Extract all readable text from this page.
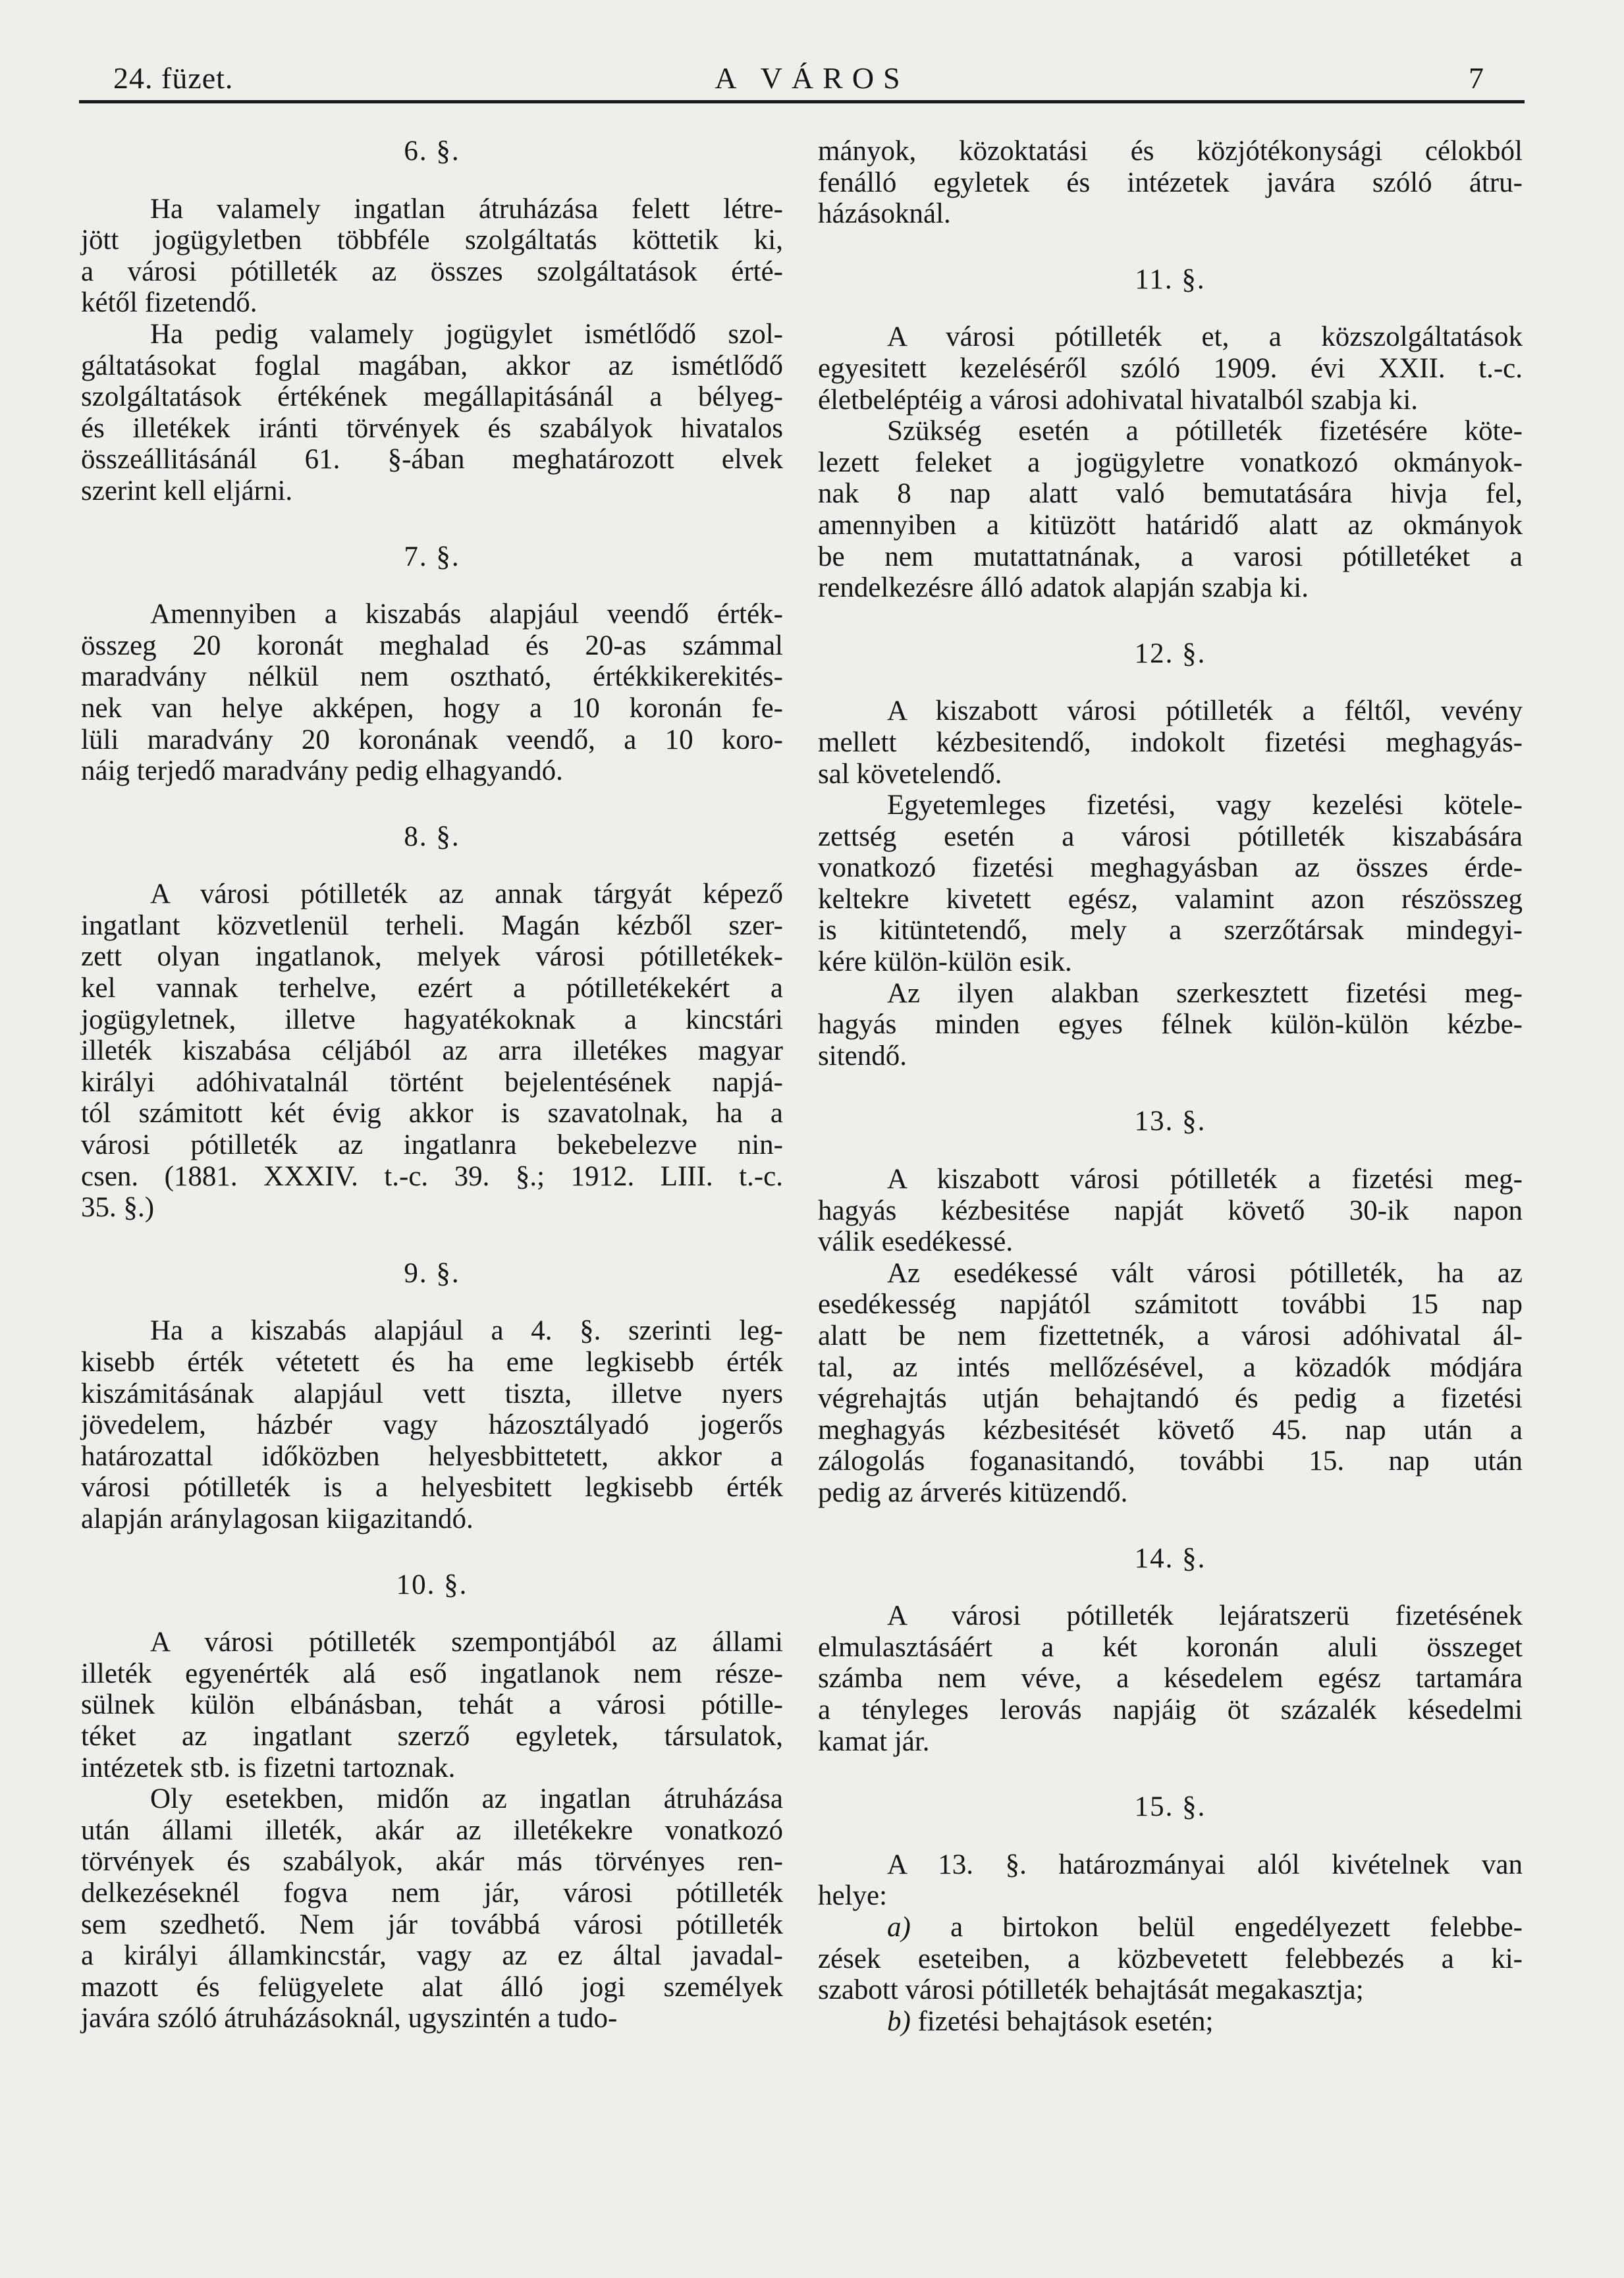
24. füzet.	A VÁROS	7
6. §.
Ha valamely ingatlan átruházása felett létre-
jött jogügyletben többféle szolgáltatás köttetik ki,
a városi pótilleték az összes szolgáltatások érté-
kétől fizetendő.
Ha pedig valamely jogügylet ismétlődő szol-
gáltatásokat foglal magában, akkor az ismétlődő
szolgáltatások értékének megállapitásánál a bélyeg-
és illetékek iránti törvények és szabályok hivatalos
összeállitásánál 61. §-ában meghatározott elvek
szerint kell eljárni.
7. §.
Amennyiben a kiszabás alapjául veendő érték-
összeg 20 koronát meghalad és 20-as számmal
maradvány nélkül nem osztható, értékkikerekités-
nek van helye akképen, hogy a 10 koronán fe-
lüli maradvány 20 koronának veendő, a 10 koro-
náig terjedő maradvány pedig elhagyandó.
8. §.
A városi pótilleték az annak tárgyát képező
ingatlant közvetlenül terheli. Magán kézből szer-
zett olyan ingatlanok, melyek városi pótilletékek-
kel vannak terhelve, ezért a pótilletékekért a
jogügyletnek, illetve hagyatékoknak a kincstári
illeték kiszabása céljából az arra illetékes magyar
királyi adóhivatalnál történt bejelentésének napjá-
tól számitott két évig akkor is szavatolnak, ha a
városi pótilleték az ingatlanra bekebelezve nin-
csen. (1881. XXXIV. t.-c. 39. §.; 1912. LIII. t.-c.
35. §.)
9. §.
Ha a kiszabás alapjául a 4. §. szerinti leg-
kisebb érték vétetett és ha eme legkisebb érték
kiszámitásának alapjául vett tiszta, illetve nyers
jövedelem, házbér vagy házosztályadó jogerős
határozattal időközben helyesbbittetett, akkor a
városi pótilleték is a helyesbitett legkisebb érték
alapján aránylagosan kiigazitandó.
10. §.
A városi pótilleték szempontjából az állami
illeték egyenérték alá eső ingatlanok nem része-
sülnek külön elbánásban, tehát a városi pótille-
téket az ingatlant szerző egyletek, társulatok,
intézetek stb. is fizetni tartoznak.
Oly esetekben, midőn az ingatlan átruházása
után állami illeték, akár az illetékekre vonatkozó
törvények és szabályok, akár más törvényes ren-
delkezéseknél fogva nem jár, városi pótilleték
sem szedhető. Nem jár továbbá városi pótilleték
a királyi államkincstár, vagy az ez által javadal-
mazott és felügyelete alat álló jogi személyek
javára szóló átruházásoknál, ugyszintén a tudo-
mányok, közoktatási és közjótékonysági célokból
fenálló egyletek és intézetek javára szóló átru-
házásoknál.
11. §.
A városi pótilleték et, a közszolgáltatások
egyesitett kezeléséről szóló 1909. évi XXII. t.-c.
életbeléptéig a városi adohivatal hivatalból szabja ki.
Szükség esetén a pótilleték fizetésére köte-
lezett feleket a jogügyletre vonatkozó okmányok-
nak 8 nap alatt való bemutatására hivja fel,
amennyiben a kitüzött határidő alatt az okmányok
be nem mutattatnának, a varosi pótilletéket a
rendelkezésre álló adatok alapján szabja ki.
12. §.
A kiszabott városi pótilleték a féltől, vevény
mellett kézbesitendő, indokolt fizetési meghagyás-
sal követelendő.
Egyetemleges fizetési, vagy kezelési kötele-
zettség esetén a városi pótilleték kiszabására
vonatkozó fizetési meghagyásban az összes érde-
keltekre kivetett egész, valamint azon részösszeg
is kitüntetendő, mely a szerzőtársak mindegyi-
kére külön-külön esik.
Az ilyen alakban szerkesztett fizetési meg-
hagyás minden egyes félnek külön-külön kézbe-
sitendő.
13. §.
A kiszabott városi pótilleték a fizetési meg-
hagyás kézbesitése napját követő 30-ik napon
válik esedékessé.
Az esedékessé vált városi pótilleték, ha az
esedékesség napjától számitott további 15 nap
alatt be nem fizettetnék, a városi adóhivatal ál-
tal, az intés mellőzésével, a közadók módjára
végrehajtás utján behajtandó és pedig a fizetési
meghagyás kézbesitését követő 45. nap után a
zálogolás foganasitandó, további 15. nap után
pedig az árverés kitüzendő.
14. §.
A városi pótilleték lejáratszerü fizetésének
elmulasztásáért a két koronán aluli összeget
számba nem véve, a késedelem egész tartamára
a tényleges lerovás napjáig öt százalék késedelmi
kamat jár.
15. §.
A 13. §. határozmányai alól kivételnek van
helye:
a) a birtokon belül engedélyezett felebbe-
zések eseteiben, a közbevetett felebbezés a ki-
szabott városi pótilleték behajtását megakasztja;
b) fizetési behajtások esetén;
